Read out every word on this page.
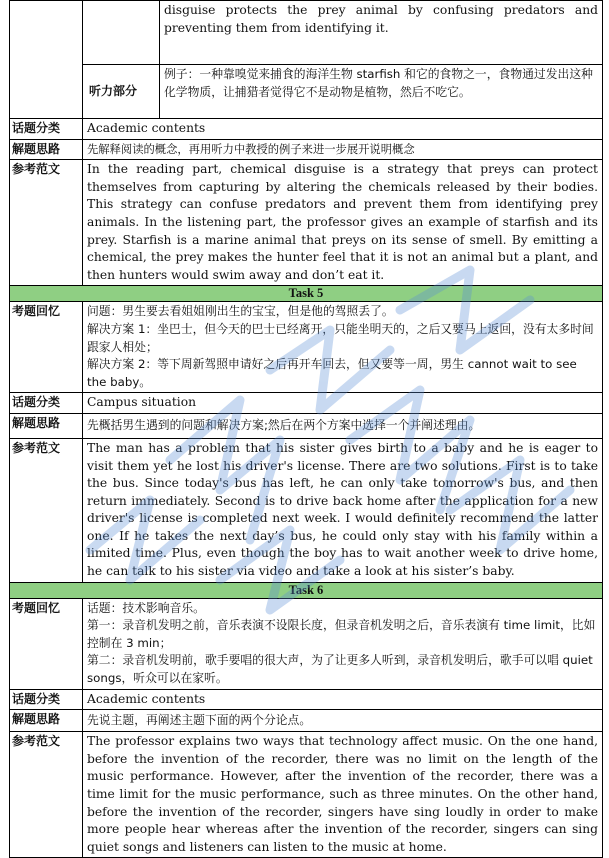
		disguise protects the prey animal by confusing predators and preventing them from identifying it.
	听力部分	例子：一种靠嗅觉来捕食的海洋生物 starfish 和它的食物之一，食物通过发出这种化学物质，让捕猎者觉得它不是动物是植物，然后不吃它。
话题分类	Academic contents	
解题思路	先解释阅读的概念，再用听力中教授的例子来进一步展开说明概念	
参考范文	In the reading part, chemical disguise is a strategy that preys can protect themselves from capturing by altering the chemicals released by their bodies. This strategy can confuse predators and prevent them from identifying prey animals. In the listening part, the professor gives an example of starfish and its prey. Starfish is a marine animal that preys on its sense of smell. By emitting a chemical, the prey makes the hunter feel that it is not an animal but a plant, and then hunters would swim away and don’t eat it.	
Task 5		
考题回忆	问题：男生要去看姐姐刚出生的宝宝，但是他的驾照丢了。
解决方案 1：坐巴士，但今天的巴士已经离开，只能坐明天的，之后又要马上返回，没有太多时间跟家人相处；
解决方案 2：等下周新驾照申请好之后再开车回去，但又要等一周，男生 cannot wait to see the baby。	

话题分类	Campus situation	
解题思路	先概括男生遇到的问题和解决方案;然后在两个方案中选择一个并阐述理由。	
参考范文	The man has a problem that his sister gives birth to a baby and he is eager to visit them yet he lost his driver's license. There are two solutions. First is to take the bus. Since today's bus has left, he can only take tomorrow's bus, and then return immediately. Second is to drive back home after the application for a new driver's license is completed next week. I would definitely recommend the latter one. If he takes the next day’s bus, he could only stay with his family within a limited time. Plus, even though the boy has to wait another week to drive home, he can talk to his sister via video and take a look at his sister’s baby.	
Task 6		
考题回忆	话题：技术影响音乐。
第一：录音机发明之前，音乐表演不设限长度，但录音机发明之后，音乐表演有 time limit，比如控制在 3 min；
第二：录音机发明前，歌手要唱的很大声，为了让更多人听到，录音机发明后，歌手可以唱 quiet songs，听众可以在家听。	

话题分类	Academic contents	
解题思路	先说主题，再阐述主题下面的两个分论点。	
参考范文	The professor explains two ways that technology affect music. On the one hand, before the invention of the recorder, there was no limit on the length of the music performance. However, after the invention of the recorder, there was a time limit for the music performance, such as three minutes. On the other hand, before the invention of the recorder, singers have sing loudly in order to make more people hear whereas after the invention of the recorder, singers can sing quiet songs and listeners can listen to the music at home.	
